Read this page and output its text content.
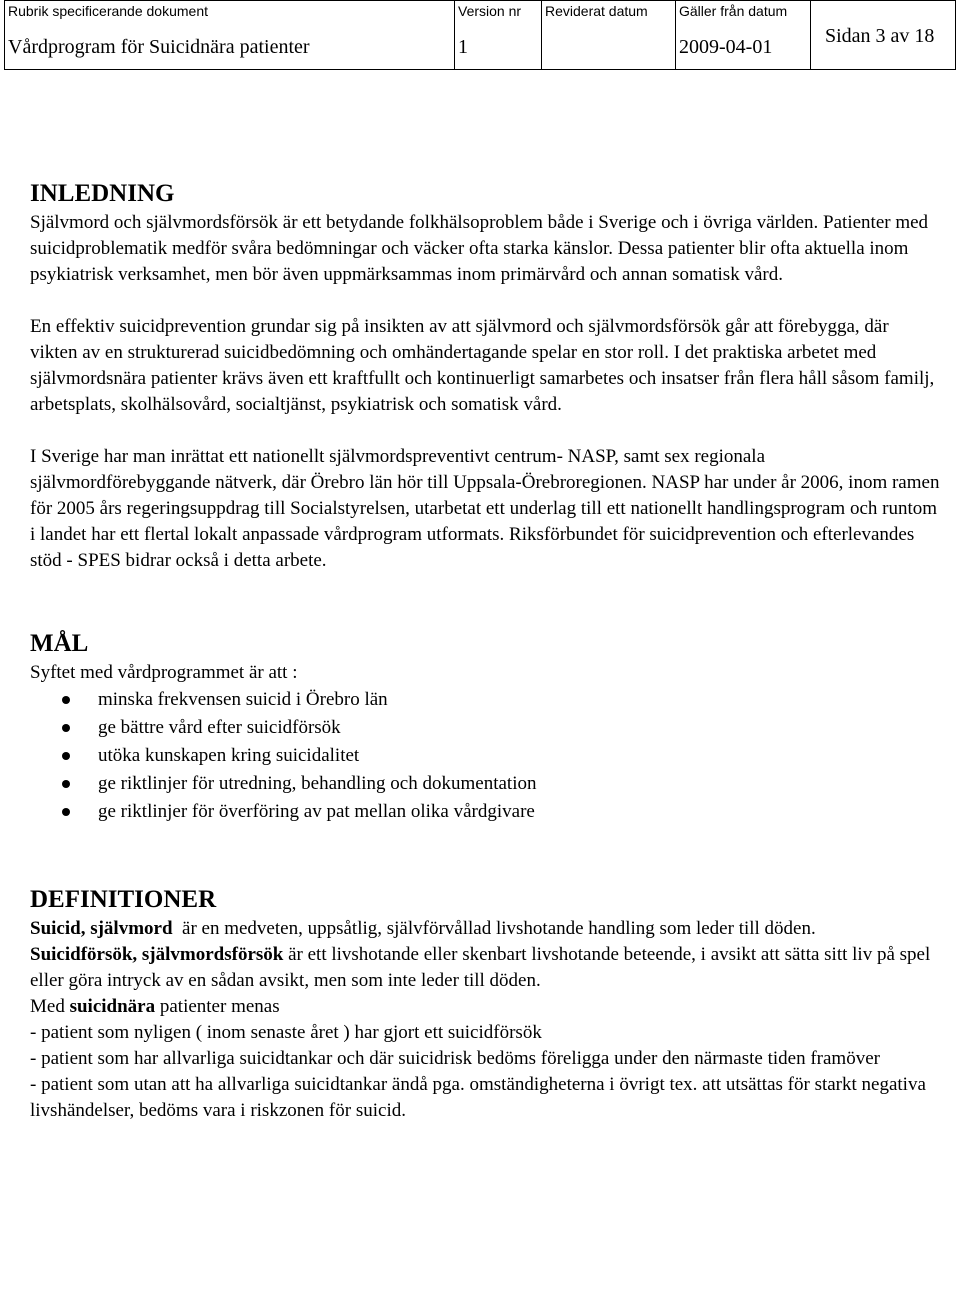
Rubrik specificerande dokument
Vårdprogram för Suicidnära patienter
Version nr
1
Reviderat datum Gäller från datum
2009-04-01	Sidan 3 av 18
INLEDNING

Självmord och självmordsförsök är ett betydande folkhälsoproblem både i Sverige och i övriga världen. Patienter med suicidproblematik medför svåra bedömningar och väcker ofta starka känslor. Dessa patienter blir ofta aktuella inom psykiatrisk verksamhet, men bör även uppmärksammas inom primärvård och annan somatisk vård.

En effektiv suicidprevention grundar sig på insikten av att självmord och självmordsförsök går att förebygga, där vikten av en strukturerad suicidbedömning och omhändertagande spelar en stor roll. I det praktiska arbetet med självmordsnära patienter krävs även ett kraftfullt och kontinuerligt samarbetes och insatser från flera håll såsom familj, arbetsplats, skolhälsovård, socialtjänst, psykiatrisk och somatisk vård.

I Sverige har man inrättat ett nationellt självmordspreventivt centrum- NASP, samt sex regionala självmordförebyggande nätverk, där Örebro län hör till Uppsala-Örebroregionen. NASP har under år 2006, inom ramen för 2005 års regeringsuppdrag till Socialstyrelsen, utarbetat ett underlag till ett nationellt handlingsprogram och runtom i landet har ett flertal lokalt anpassade vårdprogram utformats. Riksförbundet för suicidprevention och efterlevandes stöd - SPES bidrar också i detta arbete.

MÅL

Syftet med vårdprogrammet är att :

minska frekvensen suicid i Örebro län
ge bättre vård efter suicidförsök
utöka kunskapen kring suicidalitet
ge riktlinjer för utredning, behandling och dokumentation
ge riktlinjer för överföring av pat mellan olika vårdgivare
DEFINITIONER

Suicid, självmord  är en medveten, uppsåtlig, självförvållad livshotande handling som leder till döden.

Suicidförsök, självmordsförsök är ett livshotande eller skenbart livshotande beteende, i avsikt att sätta sitt liv på spel eller göra intryck av en sådan avsikt, men som inte leder till döden.

Med suicidnära patienter menas

- patient som nyligen ( inom senaste året ) har gjort ett suicidförsök

- patient som har allvarliga suicidtankar och där suicidrisk bedöms föreligga under den närmaste tiden framöver

- patient som utan att ha allvarliga suicidtankar ändå pga. omständigheterna i övrigt tex. att utsättas för starkt negativa livshändelser, bedöms vara i riskzonen för suicid.
